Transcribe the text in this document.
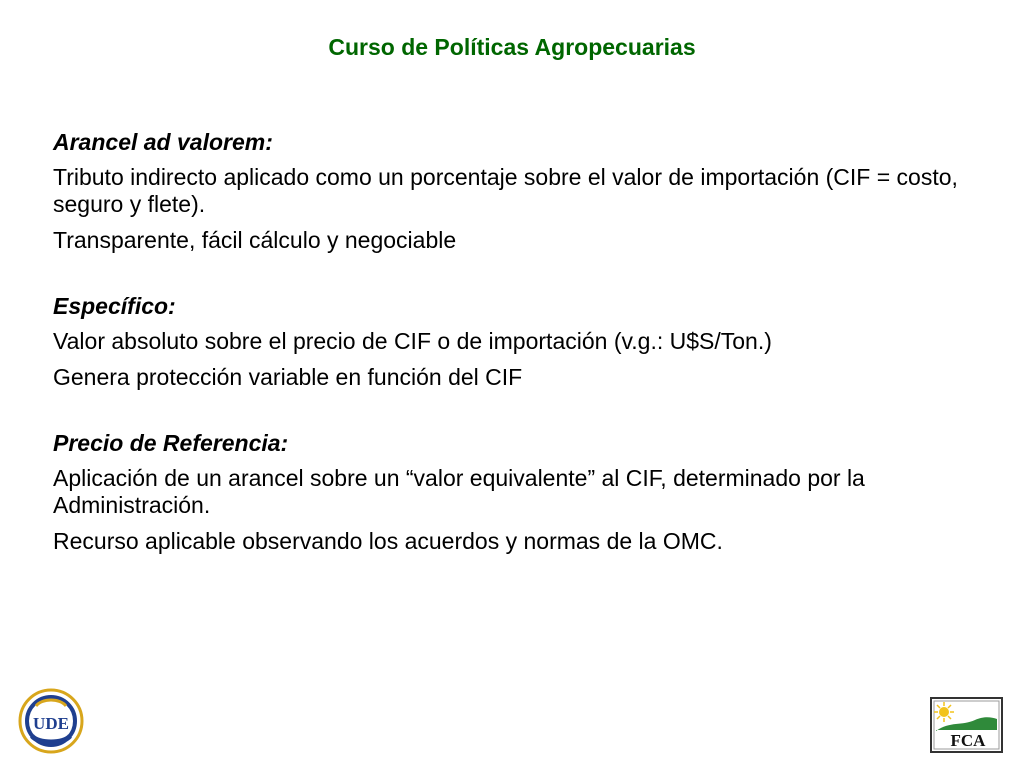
Curso de Políticas Agropecuarias
Arancel ad valorem:
Tributo indirecto aplicado como un porcentaje sobre el valor de importación (CIF = costo, seguro y flete).
Transparente, fácil cálculo y negociable
Específico:
Valor absoluto sobre el precio de CIF o de importación (v.g.: U$S/Ton.)
Genera protección variable en función del CIF
Precio de Referencia:
Aplicación de un arancel sobre un “valor equivalente” al CIF, determinado por la Administración.
Recurso aplicable observando los acuerdos y normas de la OMC.
UDE
FCA
